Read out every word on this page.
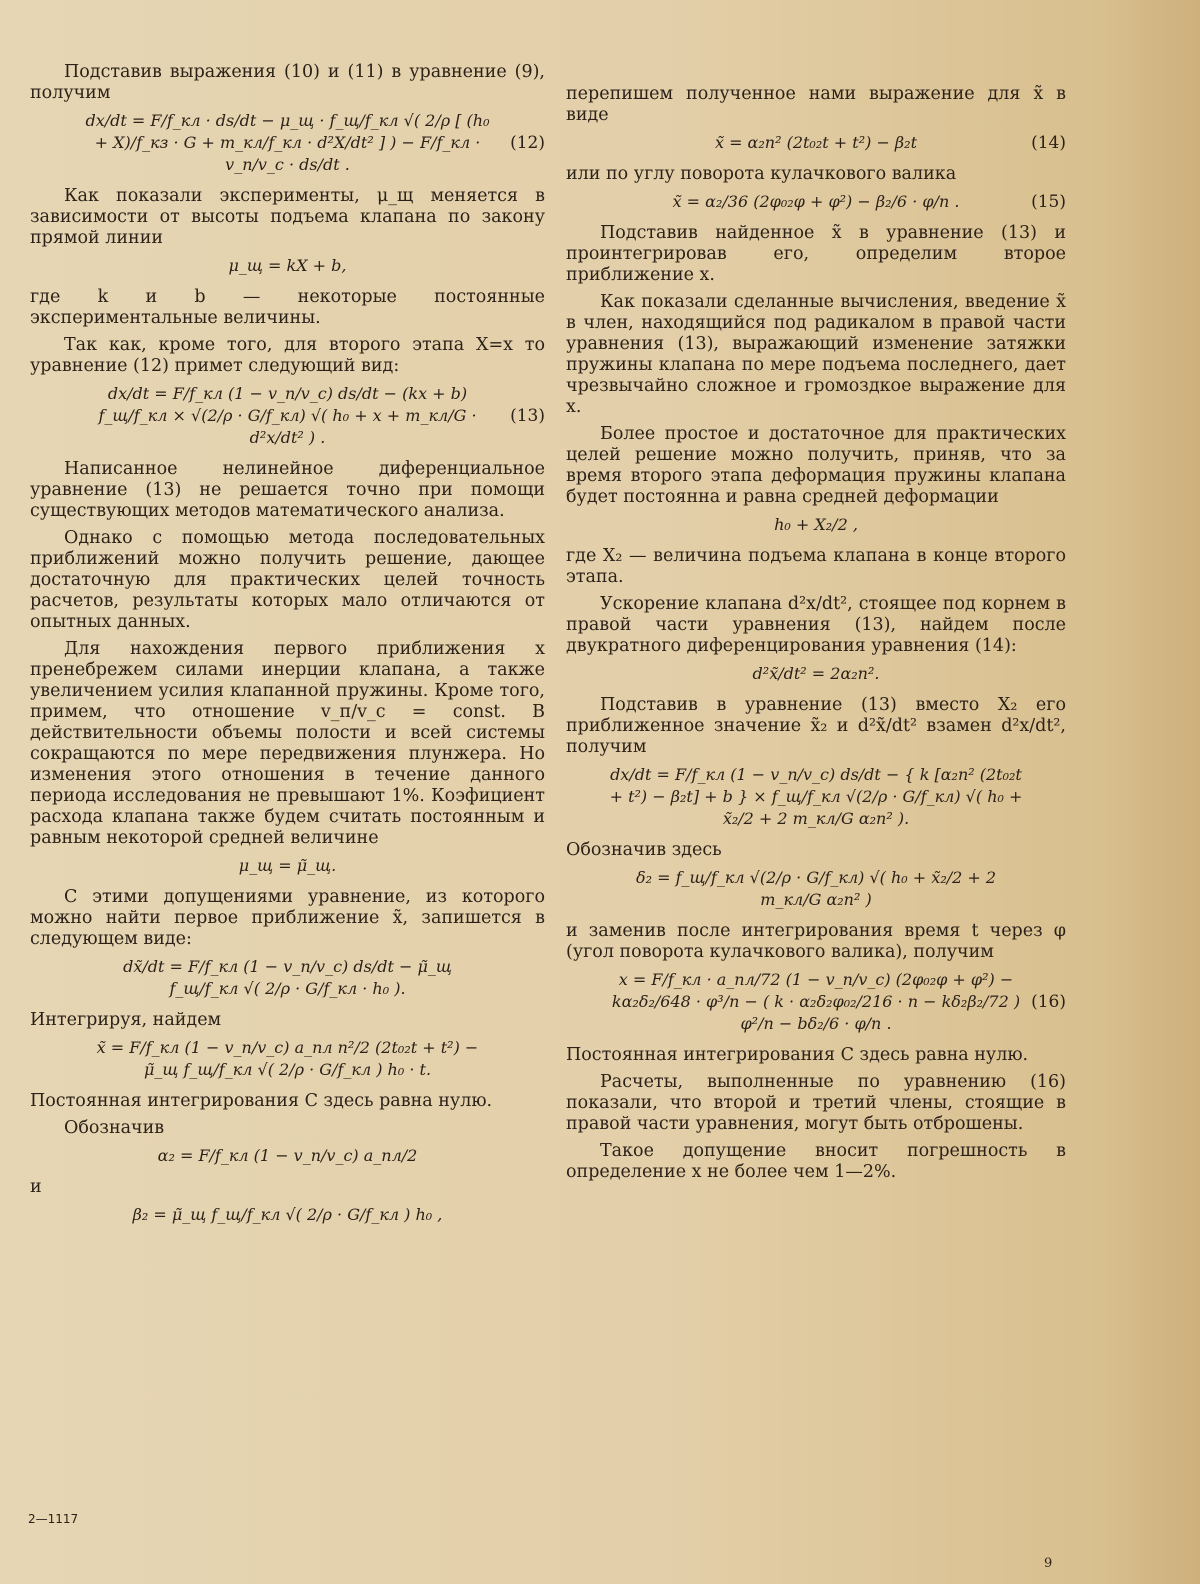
Подставив выражения (10) и (11) в уравнение (9), получим

dx/dt = F/f_кл · ds/dt − μ_щ · f_щ/f_кл √( 2/ρ [ (h₀ + X)/f_кз · G + m_кл/f_кл · d²X/dt² ] ) − F/f_кл · v_п/v_с · ds/dt .
(12)

Как показали эксперименты, μ_щ меняется в зависимости от высоты подъема клапана по закону прямой линии

μ_щ = kX + b,

где k и b — некоторые постоянные экспериментальные величины.

Так как, кроме того, для второго этапа X=x то уравнение (12) примет следующий вид:

dx/dt = F/f_кл (1 − v_п/v_с) ds/dt − (kx + b) f_щ/f_кл × √(2/ρ · G/f_кл) √( h₀ + x + m_кл/G · d²x/dt² ) .
(13)

Написанное нелинейное диференциальное уравнение (13) не решается точно при помощи существующих методов математического анализа.

Однако с помощью метода последовательных приближений можно получить решение, дающее достаточную для практических целей точность расчетов, результаты которых мало отличаются от опытных данных.

Для нахождения первого приближения x пренебрежем силами инерции клапана, а также увеличением усилия клапанной пружины. Кроме того, примем, что отношение v_п/v_с = const. В действительности объемы полости и всей системы сокращаются по мере передвижения плунжера. Но изменения этого отношения в течение данного периода исследования не превышают 1%. Коэфициент расхода клапана также будем считать постоянным и равным некоторой средней величине

μ_щ = μ̃_щ.

С этими допущениями уравнение, из которого можно найти первое приближение x̃, запишется в следующем виде:

dx̃/dt = F/f_кл (1 − v_п/v_с) ds/dt − μ̃_щ f_щ/f_кл √( 2/ρ · G/f_кл · h₀ ).

Интегрируя, найдем

x̃ = F/f_кл (1 − v_п/v_с) a_пл n²/2 (2t₀₂t + t²) − μ̃_щ f_щ/f_кл √( 2/ρ · G/f_кл ) h₀ · t.

Постоянная интегрирования C здесь равна нулю.

Обозначив

α₂ = F/f_кл (1 − v_п/v_с) a_пл/2

и

β₂ = μ̃_щ f_щ/f_кл √( 2/ρ · G/f_кл ) h₀ ,

перепишем полученное нами выражение для x̃ в виде

x̃ = α₂n² (2t₀₂t + t²) − β₂t	(14)

или по углу поворота кулачкового валика

x̃ = α₂/36 (2φ₀₂φ + φ²) − β₂/6 · φ/n .	(15)

Подставив найденное x̃ в уравнение (13) и проинтегрировав его, определим второе приближение x.

Как показали сделанные вычисления, введение x̃ в член, находящийся под радикалом в правой части уравнения (13), выражающий изменение затяжки пружины клапана по мере подъема последнего, дает чрезвычайно сложное и громоздкое выражение для x.

Более простое и достаточное для практических целей решение можно получить, приняв, что за время второго этапа деформация пружины клапана будет постоянна и равна средней деформации

h₀ + X₂/2 ,

где X₂ — величина подъема клапана в конце второго этапа.

Ускорение клапана d²x/dt², стоящее под корнем в правой части уравнения (13), найдем после двукратного диференцирования уравнения (14):

d²x̃/dt² = 2α₂n².

Подставив в уравнение (13) вместо X₂ его приближенное значение x̃₂ и d²x̃/dt² взамен d²x/dt², получим

dx/dt = F/f_кл (1 − v_п/v_с) ds/dt − { k [α₂n² (2t₀₂t + t²) − β₂t] + b } × f_щ/f_кл √(2/ρ · G/f_кл) √( h₀ + x̃₂/2 + 2 m_кл/G α₂n² ).

Обозначив здесь

δ₂ = f_щ/f_кл √(2/ρ · G/f_кл) √( h₀ + x̃₂/2 + 2 m_кл/G α₂n² )

и заменив после интегрирования время t через φ (угол поворота кулачкового валика), получим

x = F/f_кл · a_пл/72 (1 − v_п/v_с) (2φ₀₂φ + φ²) − kα₂δ₂/648 · φ³/n − ( k · α₂δ₂φ₀₂/216 · n − kδ₂β₂/72 ) φ²/n − bδ₂/6 · φ/n .
(16)

Постоянная интегрирования C здесь равна нулю.

Расчеты, выполненные по уравнению (16) показали, что второй и третий члены, стоящие в правой части уравнения, могут быть отброшены.

Такое допущение вносит погрешность в определение x не более чем 1—2%.

2—1117
9
